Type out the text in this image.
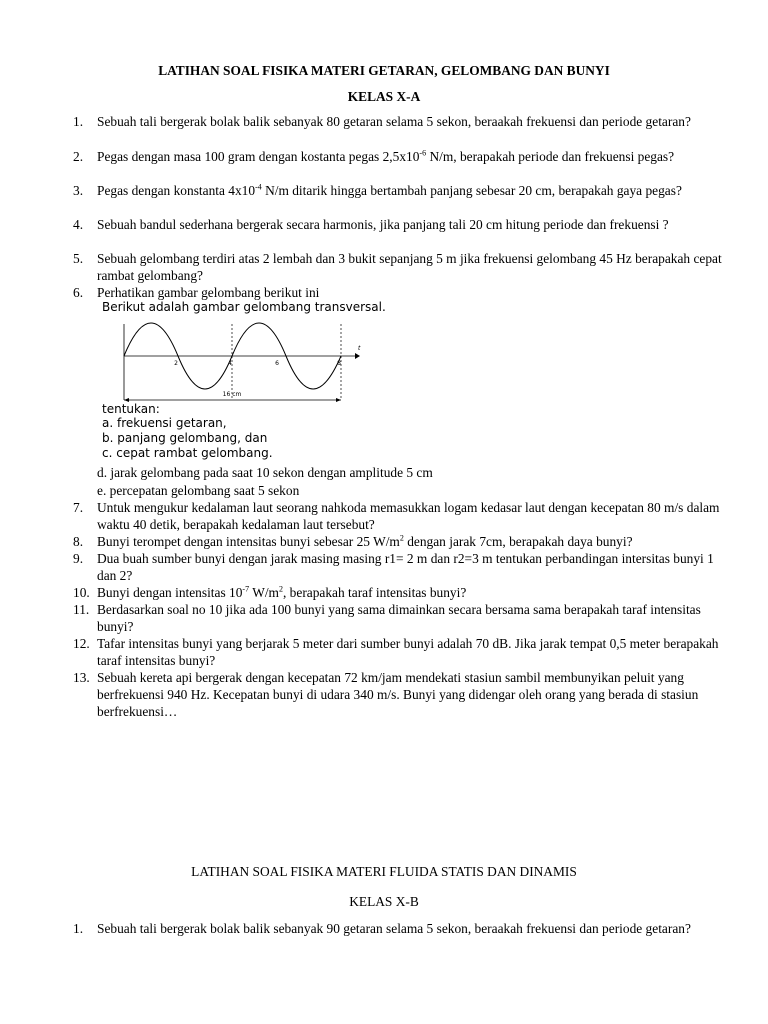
LATIHAN SOAL FISIKA MATERI GETARAN, GELOMBANG DAN BUNYI
KELAS X-A
1. Sebuah tali bergerak bolak balik sebanyak 80 getaran selama 5 sekon, beraakah frekuensi dan periode getaran?
2. Pegas dengan masa 100 gram dengan kostanta pegas $2,5x10^{-6}$ N/m, berapakah periode dan frekuensi pegas?
3. Pegas dengan konstanta $4x10^{-4}$ N/m ditarik hingga bertambah panjang sebesar 20 cm, berapakah gaya pegas?
4. Sebuah bandul sederhana bergerak secara harmonis, jika panjang tali 20 cm hitung periode dan frekuensi ?
5. Sebuah gelombang terdiri atas 2 lembah dan 3 bukit sepanjang 5 m jika frekuensi gelombang 45 Hz berapakah cepat rambat gelombang?
6. Perhatikan gambar gelombang berikut ini
Berikut adalah gambar gelombang transversal.
2	4	6	8
t
16 cm
tentukan:
a. frekuensi getaran,
b. panjang gelombang, dan
c. cepat rambat gelombang.
d. jarak gelombang pada saat 10 sekon dengan amplitude 5 cm
e. percepatan gelombang saat 5 sekon
7. Untuk mengukur kedalaman laut seorang nahkoda memasukkan logam kedasar laut dengan kecepatan 80 m/s dalam waktu 40 detik, berapakah kedalaman laut tersebut?
8. Bunyi terompet dengan intensitas bunyi sebesar 25 $W/m^2$ dengan jarak 7cm, berapakah daya bunyi?
9. Dua buah sumber bunyi dengan jarak masing masing r1= 2 m dan r2=3 m tentukan perbandingan intersitas bunyi 1 dan 2?
10. Bunyi dengan intensitas $10^{-7}$ $W/m^2$, berapakah taraf intensitas bunyi?
11. Berdasarkan soal no 10 jika ada 100 bunyi yang sama dimainkan secara bersama sama berapakah taraf intensitas bunyi?
12. Tafar intensitas bunyi yang berjarak 5 meter dari sumber bunyi adalah 70 dB. Jika jarak tempat 0,5 meter berapakah taraf intensitas bunyi?
13. Sebuah kereta api bergerak dengan kecepatan 72 km/jam mendekati stasiun sambil membunyikan peluit yang berfrekuensi 940 Hz. Kecepatan bunyi di udara 340 m/s. Bunyi yang didengar oleh orang yang berada di stasiun berfrekuensi…
LATIHAN SOAL FISIKA MATERI FLUIDA STATIS DAN DINAMIS
KELAS X-B
1. Sebuah tali bergerak bolak balik sebanyak 90 getaran selama 5 sekon, beraakah frekuensi dan periode getaran?
